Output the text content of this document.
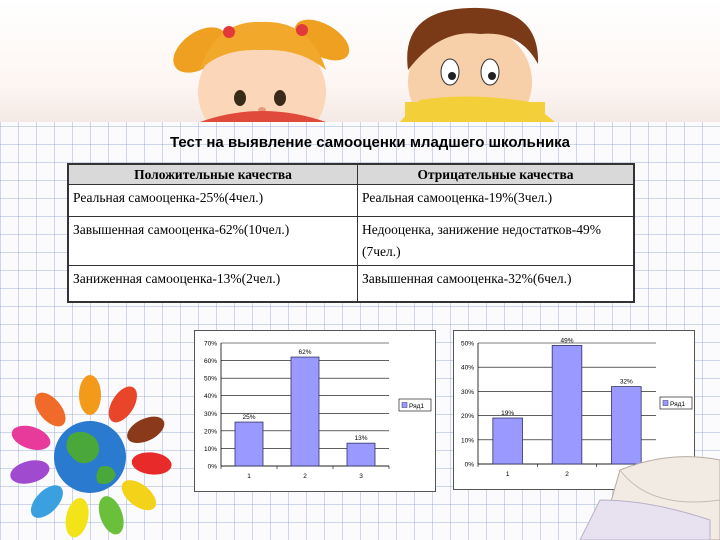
Тест на выявление самооценки младшего школьника
Положительные качества	Отрицательные качества
Реальная самооценка-25%(4чел.)	Реальная самооценка-19%(3чел.)
Завышенная самооценка-62%(10чел.)	Недооценка, занижение недостатков-49%(7чел.)
Заниженная самооценка-13%(2чел.)	Завышенная самооценка-32%(6чел.)
0%
10%
20%
30%
40%
50%
60%
70%
25%
1
62%
2
13%
3
Ряд1
0%
10%
20%
30%
40%
50%
19%
1
49%
2
32%
Ряд1
